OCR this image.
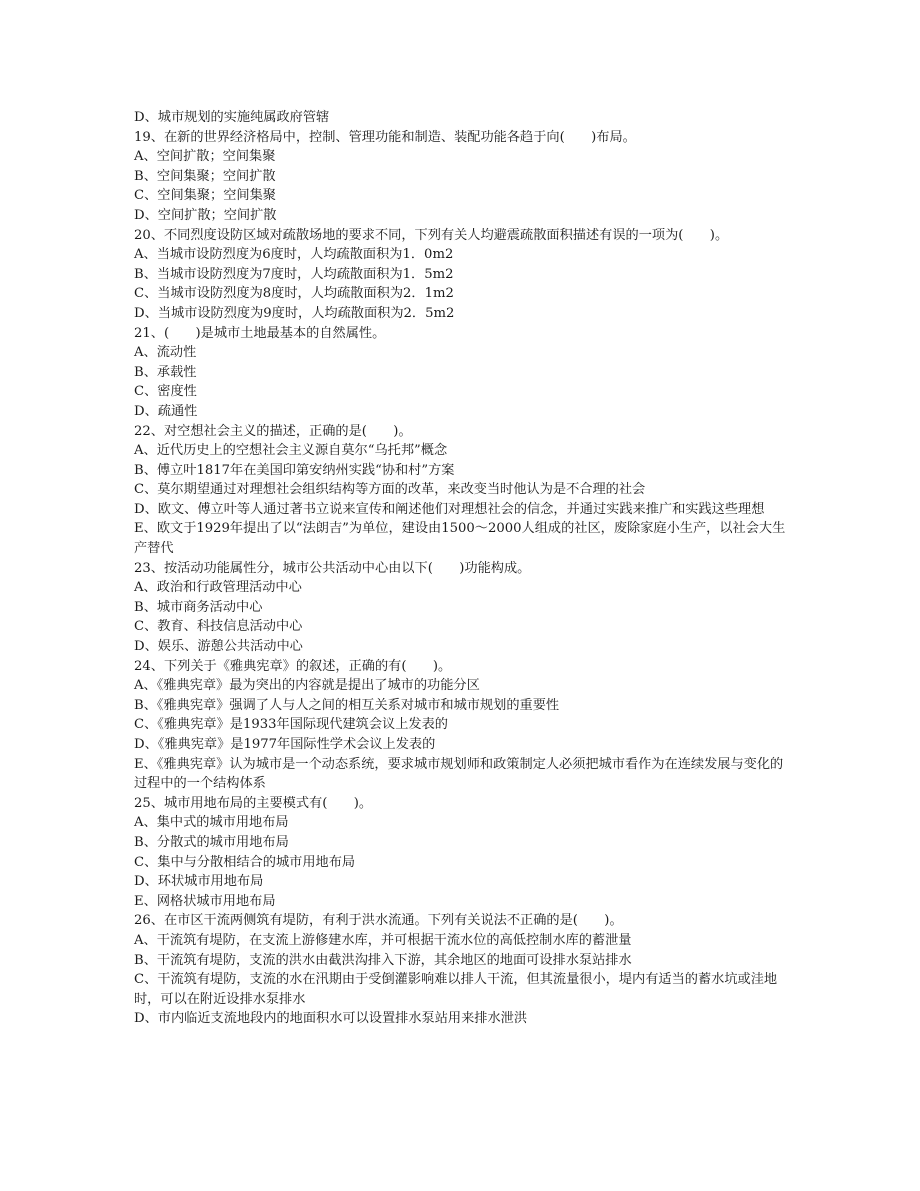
D、城市规划的实施纯属政府管辖

19、在新的世界经济格局中，控制、管理功能和制造、装配功能各趋于向(　　)布局。

A、空间扩散；空间集聚

B、空间集聚；空间扩散

C、空间集聚；空间集聚

D、空间扩散；空间扩散

20、不同烈度设防区域对疏散场地的要求不同，下列有关人均避震疏散面积描述有误的一项为(　　)。

A、当城市设防烈度为6度时，人均疏散面积为1．0m2

B、当城市设防烈度为7度时，人均疏散面积为1．5m2

C、当城市设防烈度为8度时，人均疏散面积为2．1m2

D、当城市设防烈度为9度时，人均疏散面积为2．5m2

21、(　　)是城市土地最基本的自然属性。

A、流动性

B、承载性

C、密度性

D、疏通性

22、对空想社会主义的描述，正确的是(　　)。

A、近代历史上的空想社会主义源自莫尔“乌托邦”概念

B、傅立叶1817年在美国印第安纳州实践“协和村”方案

C、莫尔期望通过对理想社会组织结构等方面的改革，来改变当时他认为是不合理的社会

D、欧文、傅立叶等人通过著书立说来宣传和阐述他们对理想社会的信念，并通过实践来推广和实践这些理想

E、欧文于1929年提出了以“法朗吉”为单位，建设由1500～2000人组成的社区，废除家庭小生产，以社会大生产替代

23、按活动功能属性分，城市公共活动中心由以下(　　)功能构成。

A、政治和行政管理活动中心

B、城市商务活动中心

C、教育、科技信息活动中心

D、娱乐、游憩公共活动中心

24、下列关于《雅典宪章》的叙述，正确的有(　　)。

A、《雅典宪章》最为突出的内容就是提出了城市的功能分区

B、《雅典宪章》强调了人与人之间的相互关系对城市和城市规划的重要性

C、《雅典宪章》是1933年国际现代建筑会议上发表的

D、《雅典宪章》是1977年国际性学术会议上发表的

E、《雅典宪章》认为城市是一个动态系统，要求城市规划师和政策制定人必须把城市看作为在连续发展与变化的过程中的一个结构体系

25、城市用地布局的主要模式有(　　)。

A、集中式的城市用地布局

B、分散式的城市用地布局

C、集中与分散相结合的城市用地布局

D、环状城市用地布局

E、网格状城市用地布局

26、在市区干流两侧筑有堤防，有利于洪水流通。下列有关说法不正确的是(　　)。

A、干流筑有堤防，在支流上游修建水库，并可根据干流水位的高低控制水库的蓄泄量

B、干流筑有堤防，支流的洪水由截洪沟排入下游，其余地区的地面可设排水泵站排水

C、干流筑有堤防，支流的水在汛期由于受倒灌影响难以排人干流，但其流量很小，堤内有适当的蓄水坑或洼地时，可以在附近设排水泵排水

D、市内临近支流地段内的地面积水可以设置排水泵站用来排水泄洪
